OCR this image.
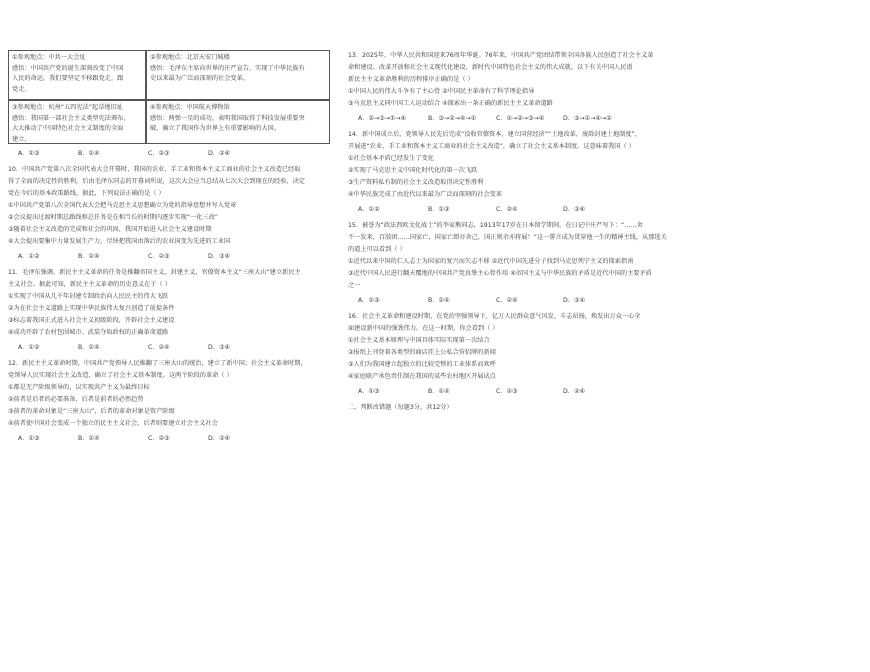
①参观地点：中共一大会址
感悟：中国共产党的诞生深刻改变了中国
人民的命运，我们要坚定不移跟党走，跟
党走。
②参观地点：北京天安门城楼
感悟：毛泽东主席向世界的庄严宣告，实现了中华民族有
史以来最为广泛而深刻的社会变革。
③参观地点：杭州“五四宪法”起草地旧址
感悟：我国第一部社会主义类型宪法颁布，
大大推动了中国特色社会主义制度的全面
建立。
④参观地点：中国航天博物馆
感悟：两弹一星的成功，表明我国取得了科技发展重要突
破，确立了我国作为世界上有重要影响的大国。
A．①③	B．①④	C．②③	D．②④
10．中国共产党第八次全国代表大会开幕时，我国的农业、手工业和资本主义工商业的社会主义改造已经取
得了全面的决定性的胜利，后由毛泽东同志的开幕词所说，这次大会应当总结从七次大会到现在的经验，决定
党在今后的基本政策路线。据此，下列说法正确的是（ ）
①中国共产党第八次全国代表大会把马克思主义思想确立为党的指导思想并写入党章
②会议提出过渡时期总路线和总任务是在相当长的时期内逐步实现“一化三改”
③随着社会主义改造的完成和社会的巩固，我国开始进入社会主义建设时期
④大会提出要集中力量发展生产力，尽快把我国由落后的农业国变为先进的工业国
A．①②	B．①④	C．②③	D．③④
11．毛泽东强调，新民主主义革命的任务是推翻帝国主义、封建主义、官僚资本主义“三座大山”建立新民主
主义社会。据此可知，新民主主义革命的历史意义在于（ ）
①实现了中国从几千年封建专制政治向人民民主的伟大飞跃
②为在社会主义道路上实现中华民族伟大复兴创造了前提条件
③标志着我国正式进入社会主义初级阶段，开辟社会主义建设
④成功开辟了农村包围城市、武装夺取政权的正确革命道路
A．①②	B．①④	C．②④	D．③④
12．新民主主义革命时期，中国共产党领导人民推翻了三座大山的统治，建立了新中国；社会主义革命时期，
党领导人民实现社会主义改造，确立了社会主义基本制度。这两个阶段的革命（ ）
①都是无产阶级领导的，以实现共产主义为最终目标
②前者是后者的必要准备，后者是前者的必然趋势
③前者的革命对象是“三座大山”，后者的革命对象是资产阶级
④前者使中国社会变成一个独立的民主主义社会，后者则要建立社会主义社会
A．①③	B．①④	C．②③	D．②④
13．2025年，中华人民共和国迎来76周年华诞。76年来，中国共产党团结带领全国各族人民创造了社会主义革
命和建设、改革开放和社会主义现代化建设、新时代中国特色社会主义的伟大成就。以下有关中国人民谱
新民主主义革命胜利的历程排序正确的是（ ）
①中国人民的伟大斗争有了主心骨 ②中国民主革命有了科学理论指导
③马克思主义同中国工人运动结合 ④探索出一条正确的新民主主义革命道路
A．②→③→①→④	B．③→②→④→①	C．①→②→③→④	D．③→①→④→②
14．新中国成立后，党领导人民先后完成“没收官僚资本，建立国营经济”“土地改革，废除封建土地制度”，
开展进“农业、手工业和资本主义工商业的社会主义改造”，确立了社会主义基本制度。这意味着我国（ ）
①社会基本矛盾已经发生了变化
②实现了马克思主义中国化时代化的第一次飞跃
③生产资料私有制的社会主义改造取得决定性胜利
④中华民族完成了由近代以来最为广泛而深刻的社会变革
A．①②	B．①③	C．②④	D．③④
15．被誉为“政法西欧文化战士”的李家熊同志，1913年17岁在日本留学期间，在日记中庄严写下：“……舍
不一发来，百肢团……国家亡，国家亡即亦舍己，国正则余亦将展！”这一誓言成为贯穿他一生的精神主线，从那选关
的道上可以看到（ ）
①近代以来中国的仁人志士为国家的复兴而矢志不移 ②近代中国先进分子找到马克思列宁主义的探索指南
③近代中国人民进行翻天覆地的中国共产党真挚主心骨作用 ④帝国主义与中华民族的矛盾是近代中国的主要矛盾
之一
A．①③	B．①④	C．②④	D．③④
16．社会主义革命和建设时期，在党的坚强领导下，亿万人民群众意气风发，斗志昂扬，焕发出万众一心全
面建设新中国的强劲伟力。在这一时期，你会看到（ ）
①社会主义基本原理与中国具体实际实现第一次结合
②报纸上刊登着各类型的商店挂上公私合营招牌的新闻
③人们为我国建立起独立的比较完整的工业体系而欢呼
④家庭联产承包责任制在我国的某些农村地区开展试点
A．①③	B．①④	C．②③	D．②④
二、判断改错题（每题3分，共12分）
